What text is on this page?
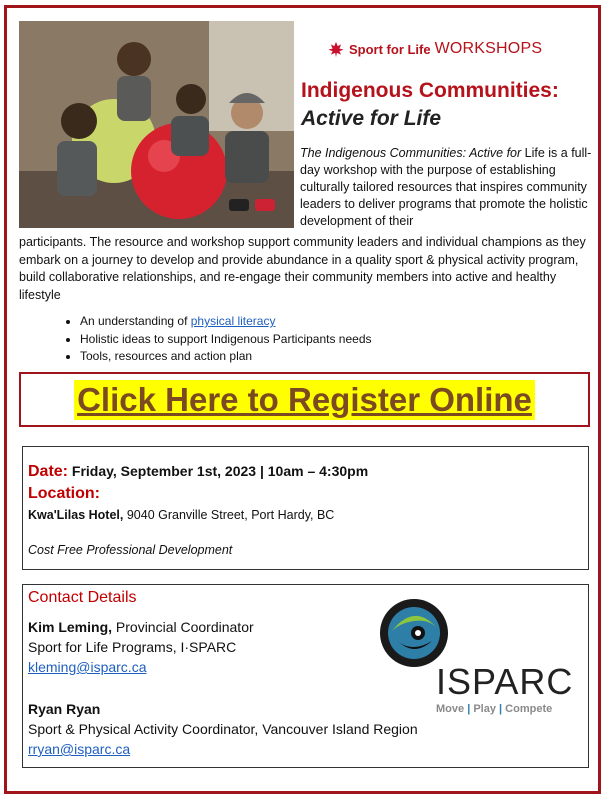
Sport for Life WORKSHOPS
Indigenous Communities:
Active for Life
The Indigenous Communities: Active for Life is a full-day workshop with the purpose of establishing culturally tailored resources that inspires community leaders to deliver programs that promote the holistic development of their
participants. The resource and workshop support community leaders and individual champions as they embark on a journey to develop and provide abundance in a quality sport & physical activity program, build collaborative relationships, and re-engage their community members into active and healthy lifestyle
• An understanding of physical literacy
• Holistic ideas to support Indigenous Participants needs
• Tools, resources and action plan
Click Here to Register Online
Date: Friday, September 1st, 2023 | 10am – 4:30pm
Location:
Kwa'Lilas Hotel, 9040 Granville Street, Port Hardy, BC
Cost Free Professional Development
Contact Details
Kim Leming, Provincial Coordinator
Sport for Life Programs, I·SPARC
kleming@isparc.ca
Ryan Ryan
Sport & Physical Activity Coordinator, Vancouver Island Region
rryan@isparc.ca
ISPARC
Move | Play | Compete
